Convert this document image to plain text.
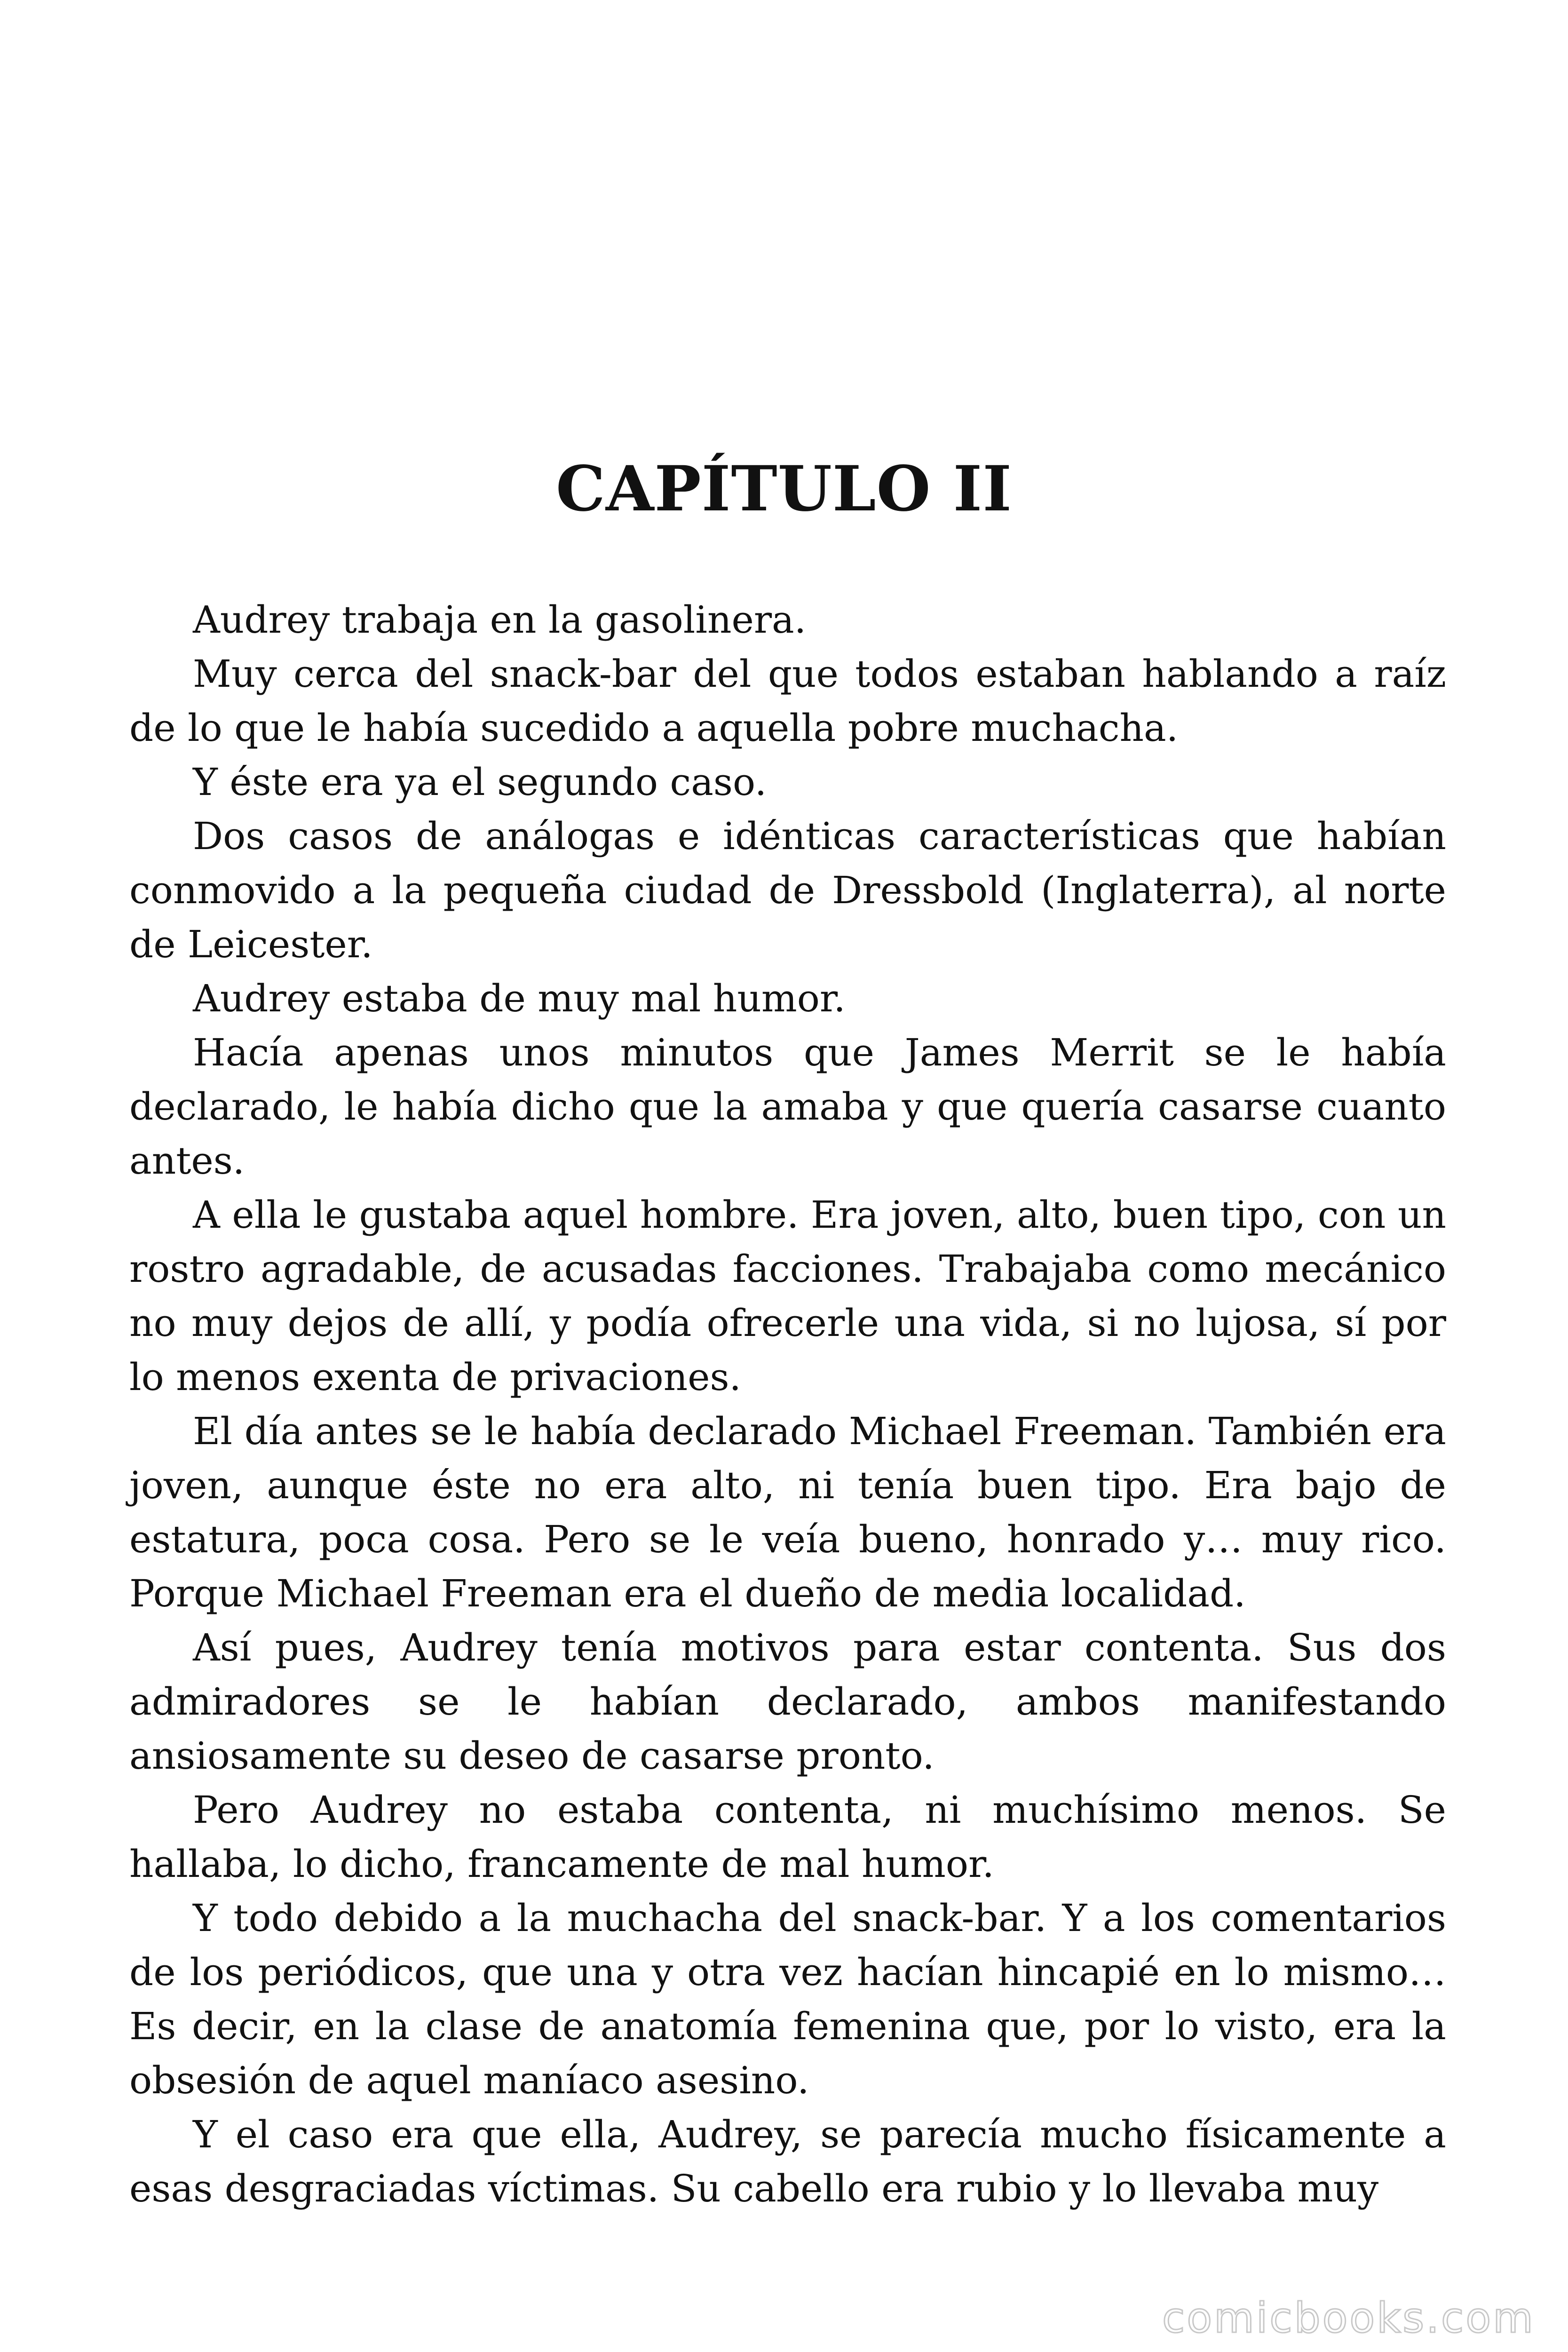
CAPÍTULO II

Audrey trabaja en la gasolinera.

Muy cerca del snack-bar del que todos estaban hablando a raíz de lo que le había sucedido a aquella pobre muchacha.

Y éste era ya el segundo caso.

Dos casos de análogas e idénticas características que habían conmovido a la pequeña ciudad de Dressbold (Inglaterra), al norte de Leicester.

Audrey estaba de muy mal humor.

Hacía apenas unos minutos que James Merrit se le había declarado, le había dicho que la amaba y que quería casarse cuanto antes.

A ella le gustaba aquel hombre. Era joven, alto, buen tipo, con un rostro agradable, de acusadas facciones. Trabajaba como mecánico no muy dejos de allí, y podía ofrecerle una vida, si no lujosa, sí por lo menos exenta de privaciones.

El día antes se le había declarado Michael Freeman. También era joven, aunque éste no era alto, ni tenía buen tipo. Era bajo de estatura, poca cosa. Pero se le veía bueno, honrado y… muy rico. Porque Michael Freeman era el dueño de media localidad.

Así pues, Audrey tenía motivos para estar contenta. Sus dos admiradores se le habían declarado, ambos manifestando ansiosamente su deseo de casarse pronto.

Pero Audrey no estaba contenta, ni muchísimo menos. Se hallaba, lo dicho, francamente de mal humor.

Y todo debido a la muchacha del snack-bar. Y a los comentarios de los periódicos, que una y otra vez hacían hincapié en lo mismo… Es decir, en la clase de anatomía femenina que, por lo visto, era la obsesión de aquel maníaco asesino.

Y el caso era que ella, Audrey, se parecía mucho físicamente a esas desgraciadas víctimas. Su cabello era rubio y lo llevaba muy

comicbooks.com
